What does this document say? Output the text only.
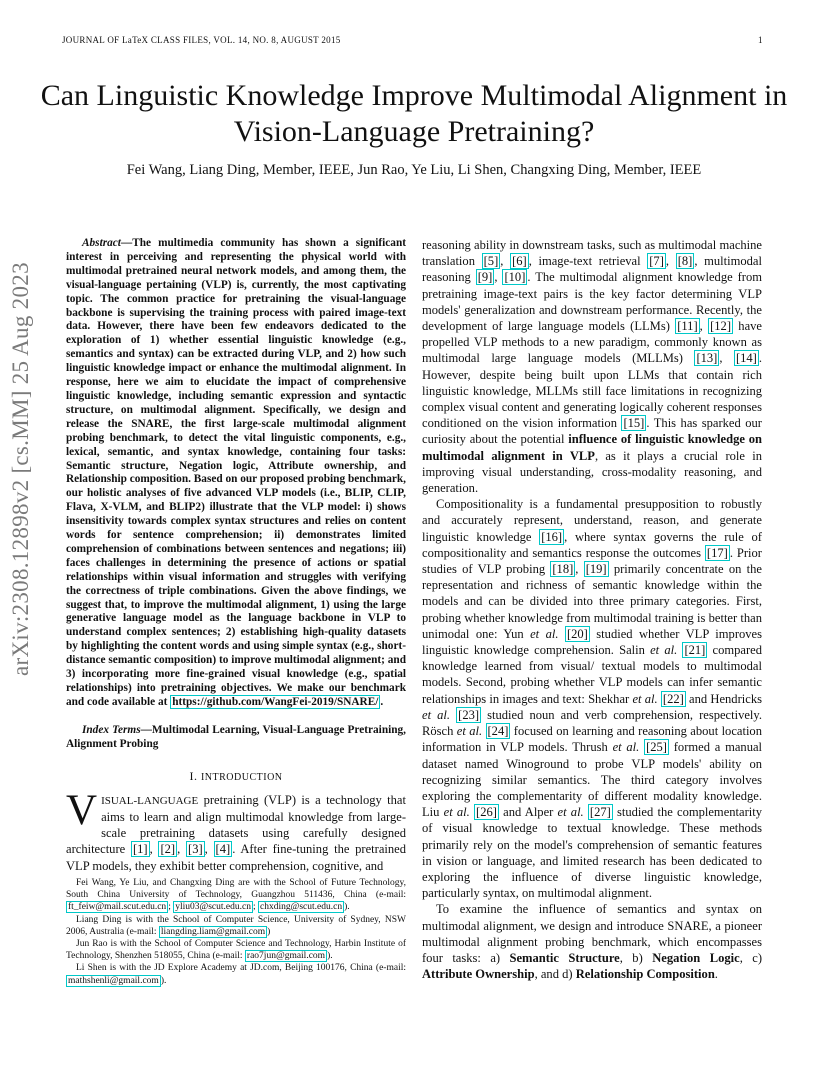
JOURNAL OF LaTeX CLASS FILES, VOL. 14, NO. 8, AUGUST 2015	1
arXiv:2308.12898v2 [cs.MM] 25 Aug 2023
Can Linguistic Knowledge Improve Multimodal Alignment in Vision-Language Pretraining?
Fei Wang, Liang Ding, Member, IEEE, Jun Rao, Ye Liu, Li Shen, Changxing Ding, Member, IEEE

Abstract—The multimedia community has shown a significant interest in perceiving and representing the physical world with multimodal pretrained neural network models, and among them, the visual-language pertaining (VLP) is, currently, the most captivating topic. The common practice for pretraining the visual-language backbone is supervising the training process with paired image-text data. However, there have been few endeavors dedicated to the exploration of 1) whether essential linguistic knowledge (e.g., semantics and syntax) can be extracted during VLP, and 2) how such linguistic knowledge impact or enhance the multimodal alignment. In response, here we aim to elucidate the impact of comprehensive linguistic knowledge, including semantic expression and syntactic structure, on multimodal alignment. Specifically, we design and release the SNARE, the first large-scale multimodal alignment probing benchmark, to detect the vital linguistic components, e.g., lexical, semantic, and syntax knowledge, containing four tasks: Semantic structure, Negation logic, Attribute ownership, and Relationship composition. Based on our proposed probing benchmark, our holistic analyses of five advanced VLP models (i.e., BLIP, CLIP, Flava, X-VLM, and BLIP2) illustrate that the VLP model: i) shows insensitivity towards complex syntax structures and relies on content words for sentence comprehension; ii) demonstrates limited comprehension of combinations between sentences and negations; iii) faces challenges in determining the presence of actions or spatial relationships within visual information and struggles with verifying the correctness of triple combinations. Given the above findings, we suggest that, to improve the multimodal alignment, 1) using the large generative language model as the language backbone in VLP to understand complex sentences; 2) establishing high-quality datasets by highlighting the content words and using simple syntax (e.g., short-distance semantic composition) to improve multimodal alignment; and 3) incorporating more fine-grained visual knowledge (e.g., spatial relationships) into pretraining objectives. We make our benchmark and code available at https://github.com/WangFei-2019/SNARE/ .

Index Terms—Multimodal Learning, Visual-Language Pretraining, Alignment Probing

I. INTRODUCTION

VISUAL-LANGUAGE pretraining (VLP) is a technology that aims to learn and align multimodal knowledge from large-scale pretraining datasets using carefully designed architecture [1] , [2] , [3] , [4] . After fine-tuning the pretrained VLP models, they exhibit better comprehension, cognitive, and

Fei Wang, Ye Liu, and Changxing Ding are with the School of Future Technology, South China University of Technology, Guangzhou 511436, China (e-mail: ft_feiw@mail.scut.edu.cn ; yliu03@scut.edu.cn ; chxding@scut.edu.cn ).

Liang Ding is with the School of Computer Science, University of Sydney, NSW 2006, Australia (e-mail: liangding.liam@gmail.com )

Jun Rao is with the School of Computer Science and Technology, Harbin Institute of Technology, Shenzhen 518055, China (e-mail: rao7jun@gmail.com ).

Li Shen is with the JD Explore Academy at JD.com, Beijing 100176, China (e-mail: mathshenli@gmail.com ).

reasoning ability in downstream tasks, such as multimodal machine translation [5] , [6] , image-text retrieval [7] , [8] , multimodal reasoning [9] , [10] . The multimodal alignment knowledge from pretraining image-text pairs is the key factor determining VLP models' generalization and downstream performance. Recently, the development of large language models (LLMs) [11] , [12] have propelled VLP methods to a new paradigm, commonly known as multimodal large language models (MLLMs) [13] , [14] . However, despite being built upon LLMs that contain rich linguistic knowledge, MLLMs still face limitations in recognizing complex visual content and generating logically coherent responses conditioned on the vision information [15] . This has sparked our curiosity about the potential influence of linguistic knowledge on multimodal alignment in VLP, as it plays a crucial role in improving visual understanding, cross-modality reasoning, and generation.

Compositionality is a fundamental presupposition to robustly and accurately represent, understand, reason, and generate linguistic knowledge [16] , where syntax governs the rule of compositionality and semantics response the outcomes [17] . Prior studies of VLP probing [18] , [19] primarily concentrate on the representation and richness of semantic knowledge within the models and can be divided into three primary categories. First, probing whether knowledge from multimodal training is better than unimodal one: Yun et al. [20] studied whether VLP improves linguistic knowledge comprehension. Salin et al. [21] compared knowledge learned from visual/ textual models to multimodal models. Second, probing whether VLP models can infer semantic relationships in images and text: Shekhar et al. [22] and Hendricks et al. [23] studied noun and verb comprehension, respectively. Rösch et al. [24] focused on learning and reasoning about location information in VLP models. Thrush et al. [25] formed a manual dataset named Winoground to probe VLP models' ability on recognizing similar semantics. The third category involves exploring the complementarity of different modality knowledge. Liu et al. [26] and Alper et al. [27] studied the complementarity of visual knowledge to textual knowledge. These methods primarily rely on the model's comprehension of semantic features in vision or language, and limited research has been dedicated to exploring the influence of diverse linguistic knowledge, particularly syntax, on multimodal alignment.

To examine the influence of semantics and syntax on multimodal alignment, we design and introduce SNARE, a pioneer multimodal alignment probing benchmark, which encompasses four tasks: a) Semantic Structure, b) Negation Logic, c) Attribute Ownership, and d) Relationship Composition.
